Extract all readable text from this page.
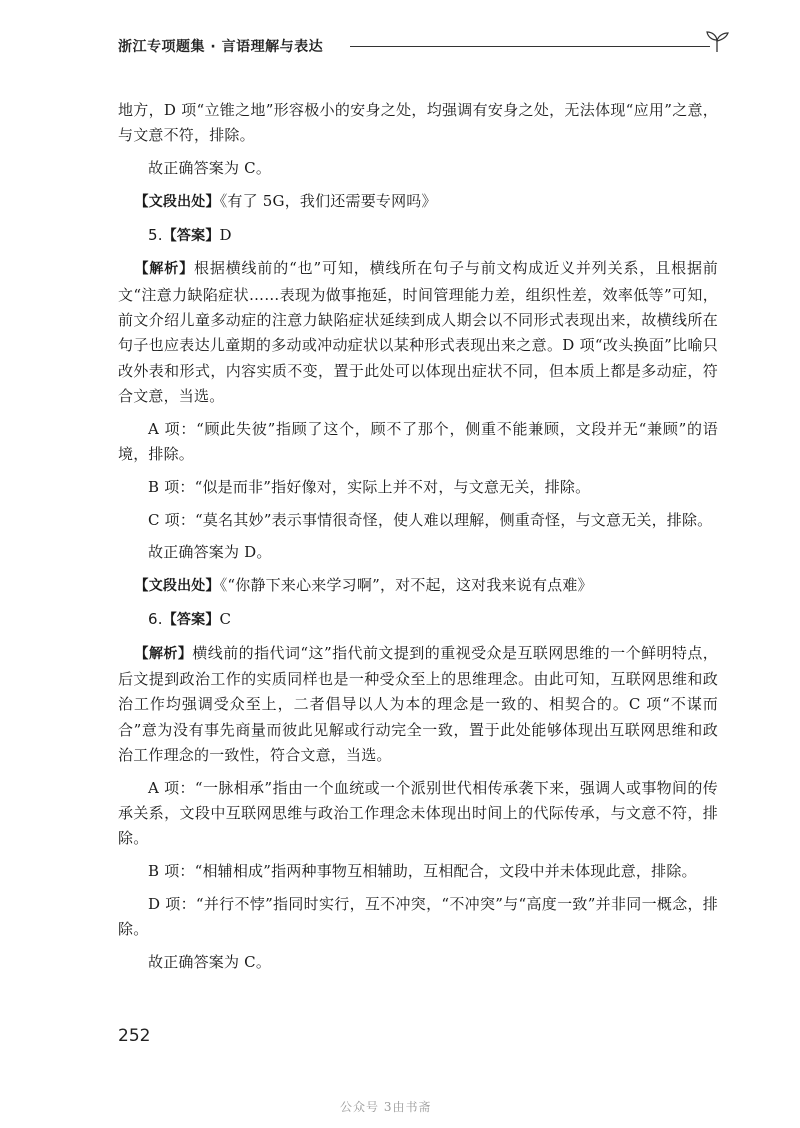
浙江专项题集 · 言语理解与表达

地方，D 项“立锥之地”形容极小的安身之处，均强调有安身之处，无法体现“应用”之意，与文意不符，排除。

故正确答案为 C。

【文段出处】《有了 5G，我们还需要专网吗》

5.【答案】D

【解析】根据横线前的“也”可知，横线所在句子与前文构成近义并列关系，且根据前文“注意力缺陷症状……表现为做事拖延，时间管理能力差，组织性差，效率低等”可知，前文介绍儿童多动症的注意力缺陷症状延续到成人期会以不同形式表现出来，故横线所在句子也应表达儿童期的多动或冲动症状以某种形式表现出来之意。D 项“改头换面”比喻只改外表和形式，内容实质不变，置于此处可以体现出症状不同，但本质上都是多动症，符合文意，当选。

A 项：“顾此失彼”指顾了这个，顾不了那个，侧重不能兼顾，文段并无“兼顾”的语境，排除。

B 项：“似是而非”指好像对，实际上并不对，与文意无关，排除。

C 项：“莫名其妙”表示事情很奇怪，使人难以理解，侧重奇怪，与文意无关，排除。

故正确答案为 D。

【文段出处】《“你静下来心来学习啊”，对不起，这对我来说有点难》

6.【答案】C

【解析】横线前的指代词“这”指代前文提到的重视受众是互联网思维的一个鲜明特点，后文提到政治工作的实质同样也是一种受众至上的思维理念。由此可知，互联网思维和政治工作均强调受众至上，二者倡导以人为本的理念是一致的、相契合的。C 项“不谋而合”意为没有事先商量而彼此见解或行动完全一致，置于此处能够体现出互联网思维和政治工作理念的一致性，符合文意，当选。

A 项：“一脉相承”指由一个血统或一个派别世代相传承袭下来，强调人或事物间的传承关系，文段中互联网思维与政治工作理念未体现出时间上的代际传承，与文意不符，排除。

B 项：“相辅相成”指两种事物互相辅助，互相配合，文段中并未体现此意，排除。

D 项：“并行不悖”指同时实行，互不冲突，“不冲突”与“高度一致”并非同一概念，排除。

故正确答案为 C。

252
公众号 3由书斋
